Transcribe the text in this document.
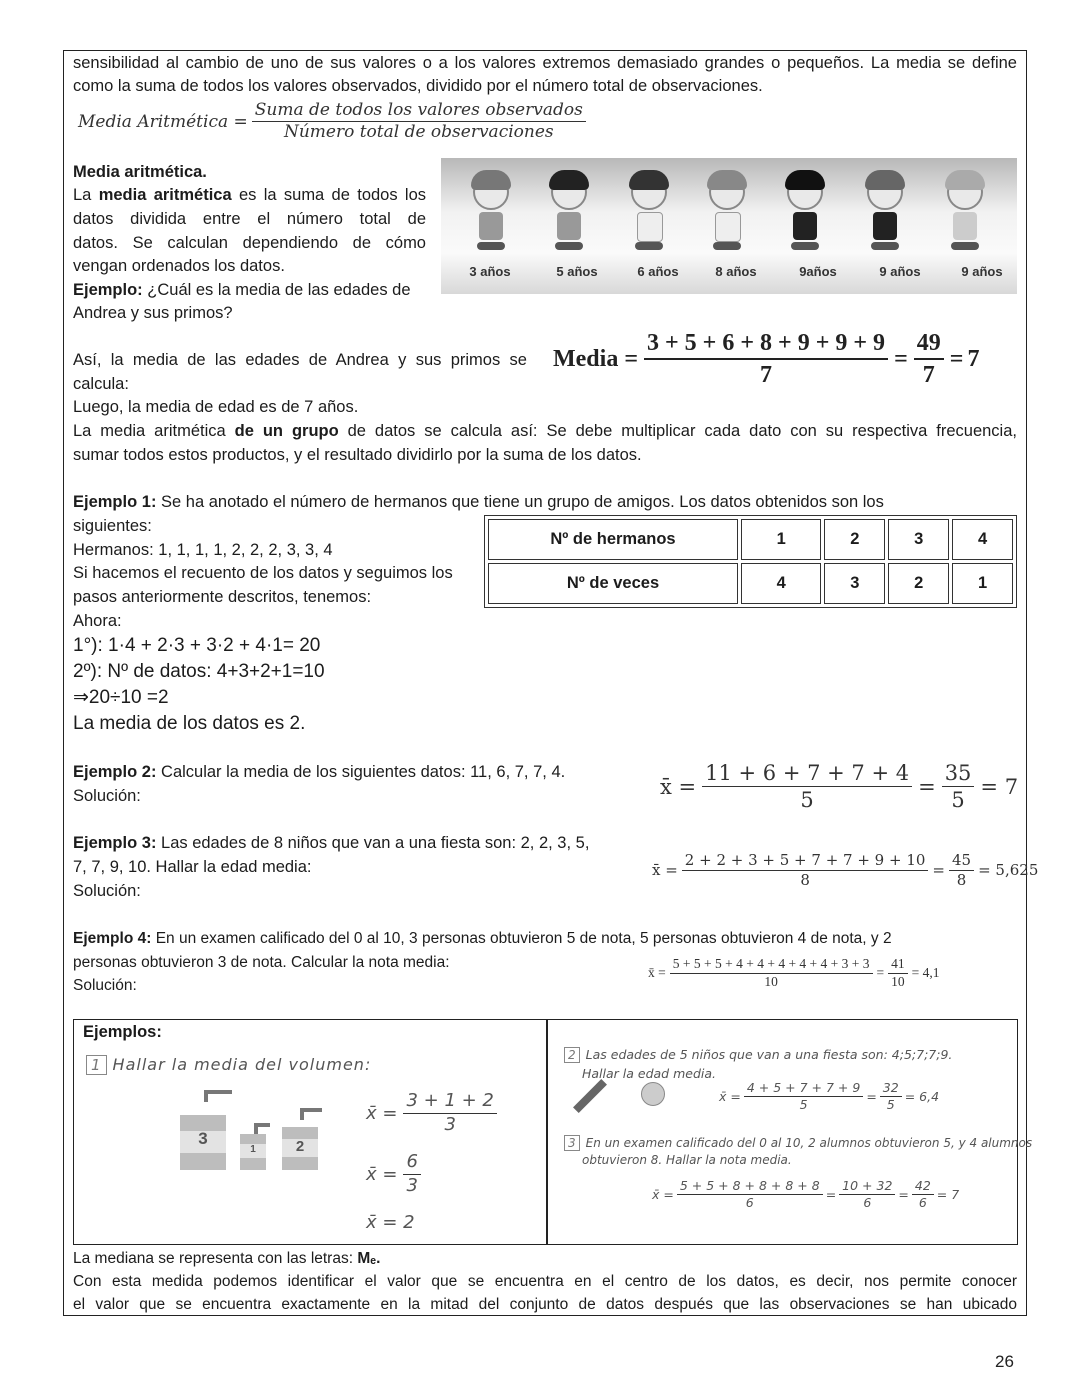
sensibilidad al cambio de uno de sus valores o a los valores extremos demasiado grandes o pequeños. La media se define
como la suma de todos los valores observados, dividido por el número total de observaciones.
Media Aritmética = $\frac{\text{Suma de todos los valores observados}}{\text{Número total de observaciones}}$
Media aritmética.
La media aritmética es la suma de todos los
datos dividida entre el número total de
datos. Se calculan dependiendo de cómo
vengan ordenados los datos.
Ejemplo: ¿Cuál es la media de las edades de
Andrea y sus primos?
3 años	5 años	6 años	8 años	9años	9 años	9 años
Así, la media de las edades de Andrea y sus primos se
calcula:
Media = $\frac{3 + 5 + 6 + 8 + 9 + 9 + 9}{7} = \frac{49}{7} = 7$
Luego, la media de edad es de 7 años.
La media aritmética de un grupo de datos se calcula así: Se debe multiplicar cada dato con su respectiva frecuencia,
sumar todos estos productos, y el resultado dividirlo por la suma de los datos.
Ejemplo 1: Se ha anotado el número de hermanos que tiene un grupo de amigos. Los datos obtenidos son los
siguientes:
Hermanos: 1, 1, 1, 1, 2, 2, 2, 3, 3, 4
Si hacemos el recuento de los datos y seguimos los
pasos anteriormente descritos, tenemos:
Ahora:
1°): 1·4 + 2·3 + 3·2 + 4·1= 20
2º): Nº de datos: 4+3+2+1=10
⇒20÷10 =2
La media de los datos es 2.
Nº de hermanos	1	2	3	4
Nº de veces	4	3	2	1
Ejemplo 2: Calcular la media de los siguientes datos: 11, 6, 7, 7, 4.
Solución:	x̄ = $\frac{11 + 6 + 7 + 7 + 4}{5} = \frac{35}{5} = 7$
Ejemplo 3: Las edades de 8 niños que van a una fiesta son: 2, 2, 3, 5,
7, 7, 9, 10. Hallar la edad media:
Solución:
x̄ = $\frac{2 + 2 + 3 + 5 + 7 + 7 + 9 + 10}{8} = \frac{45}{8} = 5,625$
Ejemplo 4: En un examen calificado del 0 al 10, 3 personas obtuvieron 5 de nota, 5 personas obtuvieron 4 de nota, y 2
personas obtuvieron 3 de nota. Calcular la nota media:
Solución:
x̄ = $\frac{5 + 5 + 5 + 4 + 4 + 4 + 4 + 4 + 3 + 3}{10} = \frac{41}{10} = 4,1$
Ejemplos:
1 Hallar la media del volumen:
3
1	2
x̄ = $\frac{3 + 1 + 2}{3}$
x̄ = $\frac{6}{3}$
x̄ = 2
2 Las edades de 5 niños que van a una fiesta son: 4;5;7;7;9.
Hallar la edad media.
x̄ = $\frac{4 + 5 + 7 + 7 + 9}{5} = \frac{32}{5} = 6,4$
3 En un examen calificado del 0 al 10, 2 alumnos obtuvieron 5, y 4 alumnos
obtuvieron 8. Hallar la nota media.
x̄ = $\frac{5 + 5 + 8 + 8 + 8 + 8}{6} = \frac{10 + 32}{6} = \frac{42}{6} = 7$
La mediana se representa con las letras: Mₑ.
Con esta medida podemos identificar el valor que se encuentra en el centro de los datos, es decir, nos permite conocer
el valor que se encuentra exactamente en la mitad del conjunto de datos después que las observaciones se han ubicado
26
